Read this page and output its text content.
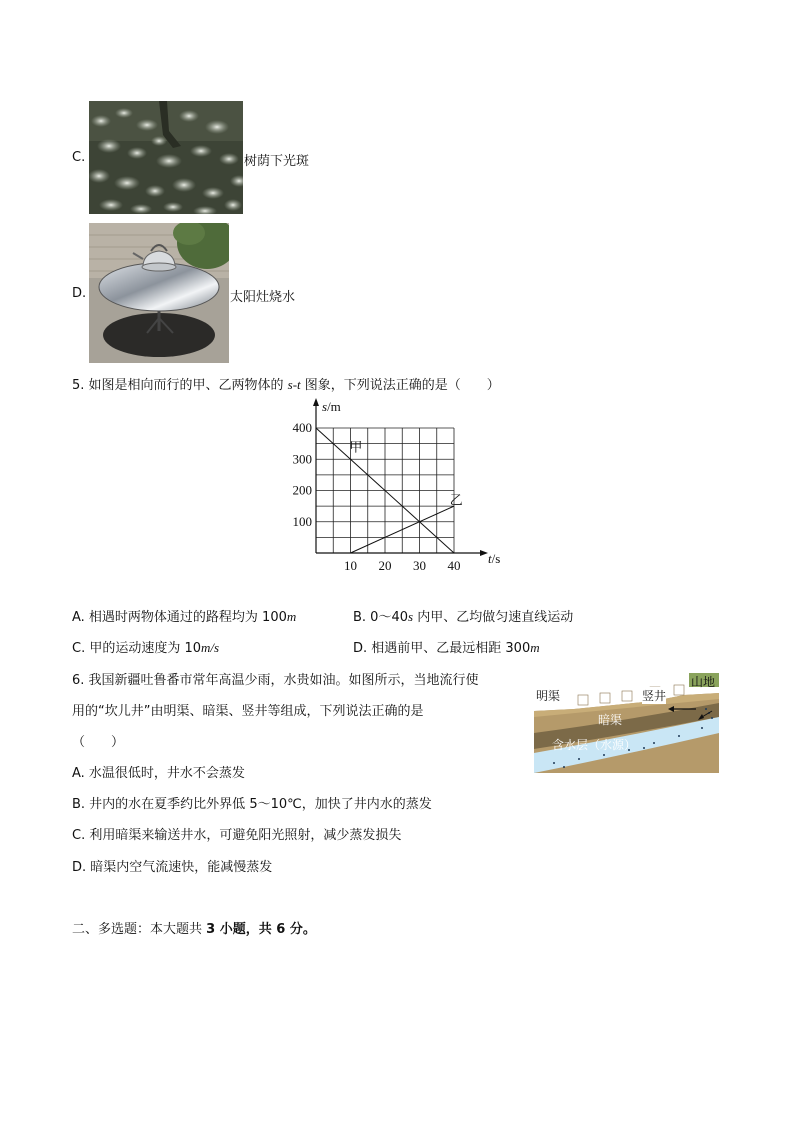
C.	树荫下光斑
D.	太阳灶烧水
5. 如图是相向而行的甲、乙两物体的 s-t 图象，下列说法正确的是（　　）
甲
乙
10 20 30 40
100
200
300
400
s/m
t/s
A. 相遇时两物体通过的路程均为 100m	B. 0～40s 内甲、乙均做匀速直线运动
C. 甲的运动速度为 10m/s	D. 相遇前甲、乙最远相距 300m
6. 我国新疆吐鲁番市常年高温少雨，水贵如油。如图所示，当地流行使
用的“坎儿井”由明渠、暗渠、竖井等组成，下列说法正确的是
（　　）
明渠	竖井
山地
暗渠
含水层（水源）
A. 水温很低时，井水不会蒸发
B. 井内的水在夏季约比外界低 5～10℃，加快了井内水的蒸发
C. 利用暗渠来输送井水，可避免阳光照射，减少蒸发损失
D. 暗渠内空气流速快，能减慢蒸发
二、多选题：本大题共 3 小题，共 6 分。
